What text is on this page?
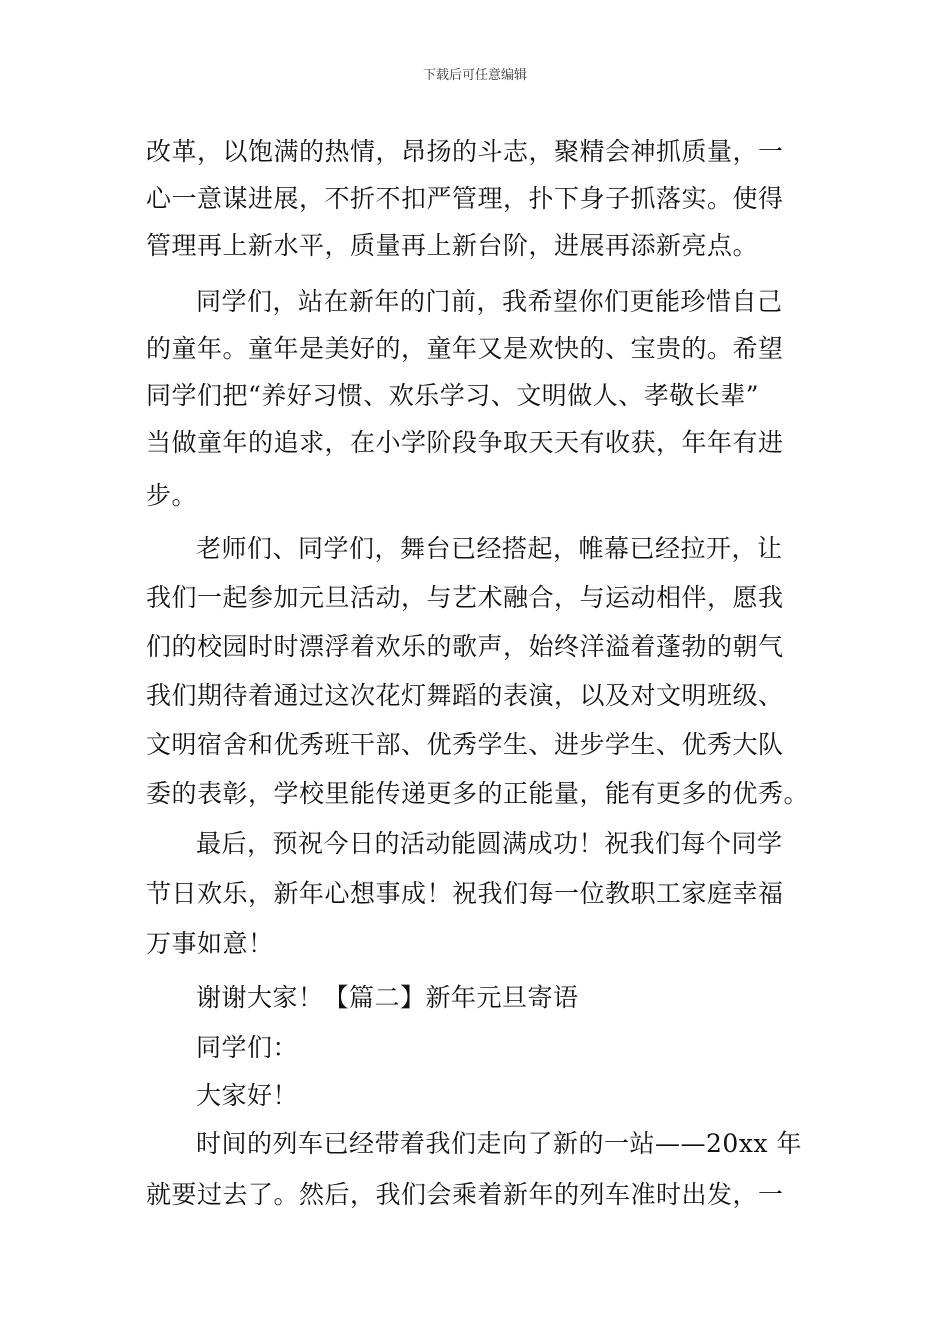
下载后可任意编辑
改革，以饱满的热情，昂扬的斗志，聚精会神抓质量，一
心一意谋进展，不折不扣严管理，扑下身子抓落实。使得
管理再上新水平，质量再上新台阶，进展再添新亮点。
同学们，站在新年的门前，我希望你们更能珍惜自己
的童年。童年是美好的，童年又是欢快的、宝贵的。希望
同学们把“养好习惯、欢乐学习、文明做人、孝敬长辈”
当做童年的追求，在小学阶段争取天天有收获，年年有进
步。
老师们、同学们，舞台已经搭起，帷幕已经拉开，让
我们一起参加元旦活动，与艺术融合，与运动相伴，愿我
们的校园时时漂浮着欢乐的歌声，始终洋溢着蓬勃的朝气
我们期待着通过这次花灯舞蹈的表演，以及对文明班级、
文明宿舍和优秀班干部、优秀学生、进步学生、优秀大队
委的表彰，学校里能传递更多的正能量，能有更多的优秀。
最后，预祝今日的活动能圆满成功！祝我们每个同学
节日欢乐，新年心想事成！祝我们每一位教职工家庭幸福
万事如意！
谢谢大家！【篇二】新年元旦寄语
同学们：
大家好！
时间的列车已经带着我们走向了新的一站——20xx 年
就要过去了。然后，我们会乘着新年的列车准时出发，一
